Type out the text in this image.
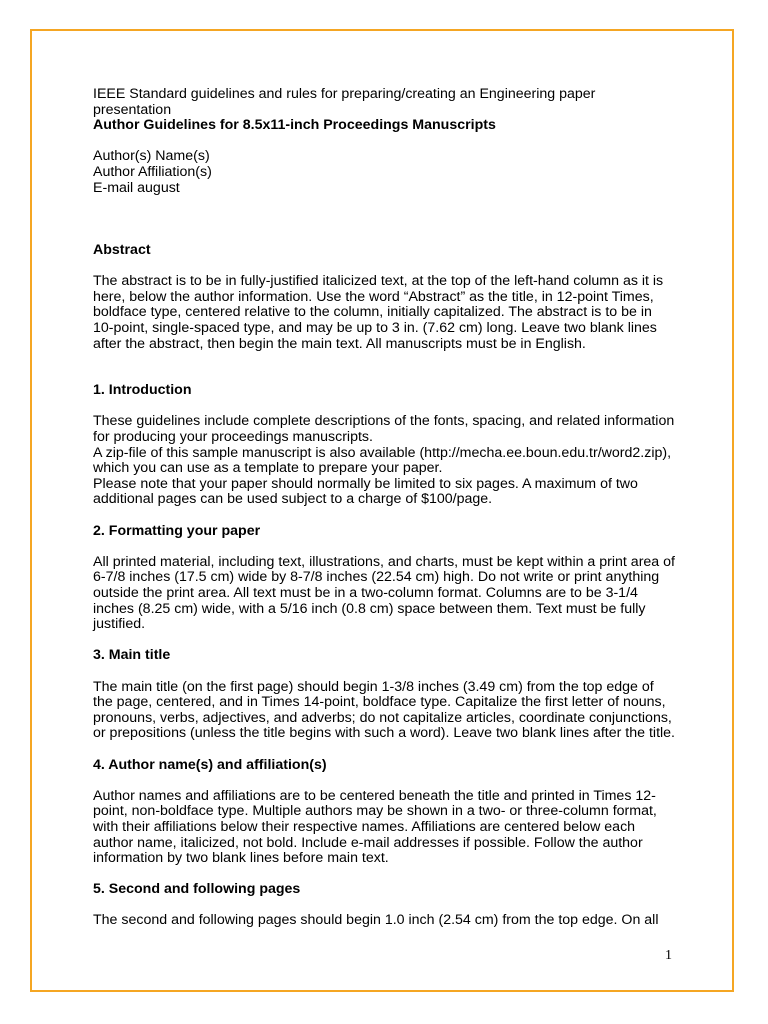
IEEE Standard guidelines and rules for preparing/creating an Engineering paper

presentation

Author Guidelines for 8.5x11-inch Proceedings Manuscripts

Author(s) Name(s)

Author Affiliation(s)

E-mail august

Abstract

The abstract is to be in fully-justified italicized text, at the top of the left-hand column as it is

here, below the author information. Use the word “Abstract” as the title, in 12-point Times,

boldface type, centered relative to the column, initially capitalized. The abstract is to be in

10-point, single-spaced type, and may be up to 3 in. (7.62 cm) long. Leave two blank lines

after the abstract, then begin the main text. All manuscripts must be in English.

1. Introduction

These guidelines include complete descriptions of the fonts, spacing, and related information

for producing your proceedings manuscripts.

A zip-file of this sample manuscript is also available (http://mecha.ee.boun.edu.tr/word2.zip),

which you can use as a template to prepare your paper.

Please note that your paper should normally be limited to six pages. A maximum of two

additional pages can be used subject to a charge of $100/page.

2. Formatting your paper

All printed material, including text, illustrations, and charts, must be kept within a print area of

6-7/8 inches (17.5 cm) wide by 8-7/8 inches (22.54 cm) high. Do not write or print anything

outside the print area. All text must be in a two-column format. Columns are to be 3-1/4

inches (8.25 cm) wide, with a 5/16 inch (0.8 cm) space between them. Text must be fully

justified.

3. Main title

The main title (on the first page) should begin 1-3/8 inches (3.49 cm) from the top edge of

the page, centered, and in Times 14-point, boldface type. Capitalize the first letter of nouns,

pronouns, verbs, adjectives, and adverbs; do not capitalize articles, coordinate conjunctions,

or prepositions (unless the title begins with such a word). Leave two blank lines after the title.

4. Author name(s) and affiliation(s)

Author names and affiliations are to be centered beneath the title and printed in Times 12-

point, non-boldface type. Multiple authors may be shown in a two- or three-column format,

with their affiliations below their respective names. Affiliations are centered below each

author name, italicized, not bold. Include e-mail addresses if possible. Follow the author

information by two blank lines before main text.

5. Second and following pages

The second and following pages should begin 1.0 inch (2.54 cm) from the top edge. On all

1
